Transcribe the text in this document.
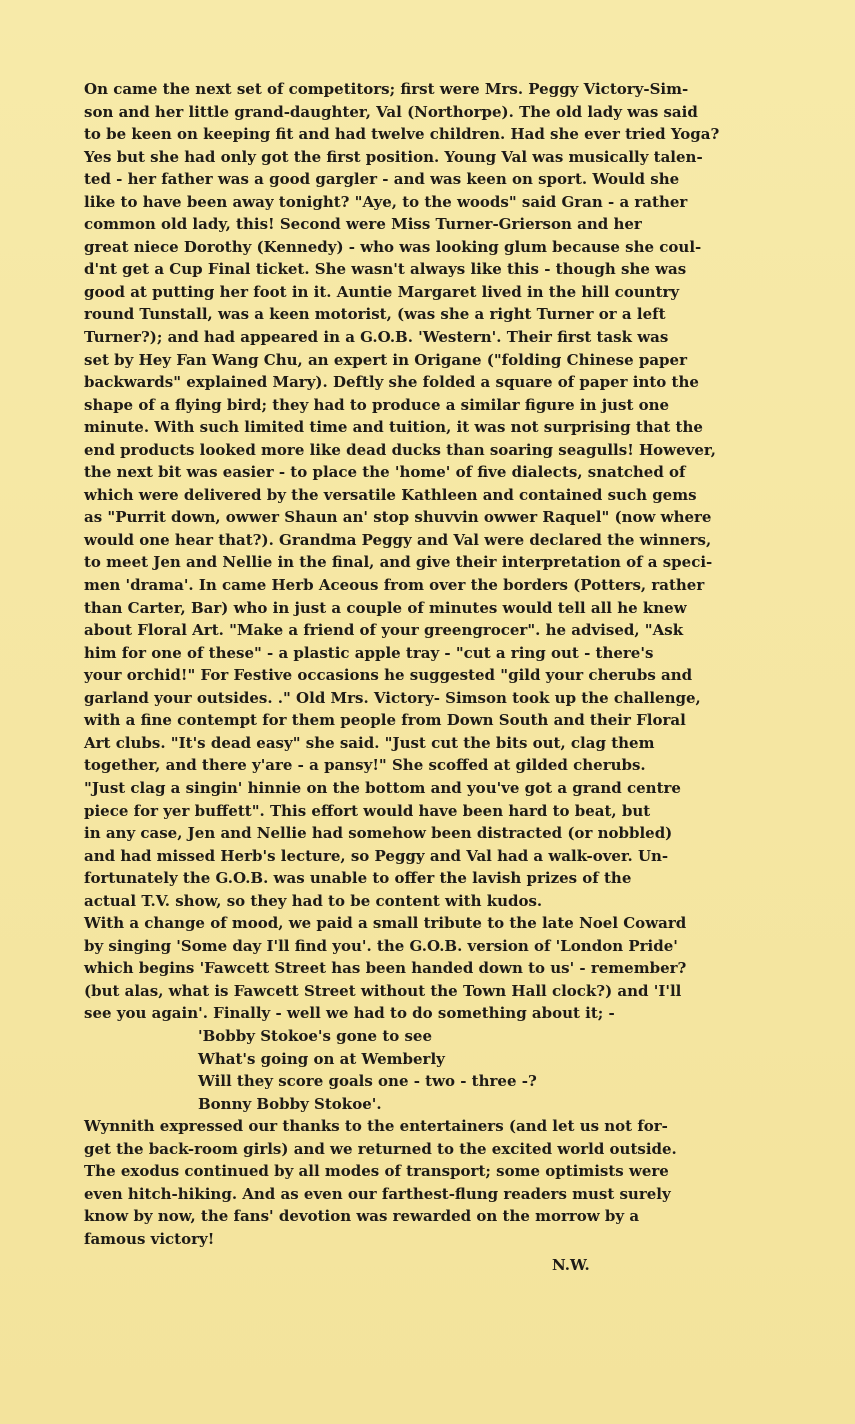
On came the next set of competitors; first were Mrs. Peggy Victory-Sim-
son and her little grand-daughter, Val (Northorpe). The old lady was said
to be keen on keeping fit and had twelve children. Had she ever tried Yoga?
Yes but she had only got the first position. Young Val was musically talen-
ted - her father was a good gargler - and was keen on sport. Would she
like to have been away tonight? "Aye, to the woods" said Gran - a rather
common old lady, this! Second were Miss Turner-Grierson and her
great niece Dorothy (Kennedy) - who was looking glum because she coul-
d'nt get a Cup Final ticket. She wasn't always like this - though she was
good at putting her foot in it. Auntie Margaret lived in the hill country
round Tunstall, was a keen motorist, (was she a right Turner or a left
Turner?); and had appeared in a G.O.B. 'Western'. Their first task was
set by Hey Fan Wang Chu, an expert in Origane ("folding Chinese paper
backwards" explained Mary). Deftly she folded a square of paper into the
shape of a flying bird; they had to produce a similar figure in just one
minute. With such limited time and tuition, it was not surprising that the
end products looked more like dead ducks than soaring seagulls! However,
the next bit was easier - to place the 'home' of five dialects, snatched of
which were delivered by the versatile Kathleen and contained such gems
as "Purrit down, owwer Shaun an' stop shuvvin owwer Raquel" (now where
would one hear that?). Grandma Peggy and Val were declared the winners,
to meet Jen and Nellie in the final, and give their interpretation of a speci-
men 'drama'. In came Herb Aceous from over the borders (Potters, rather
than Carter, Bar) who in just a couple of minutes would tell all he knew
about Floral Art. "Make a friend of your greengrocer". he advised, "Ask
him for one of these" - a plastic apple tray - "cut a ring out - there's
your orchid!" For Festive occasions he suggested "gild your cherubs and
garland your outsides. ." Old Mrs. Victory- Simson took up the challenge,
with a fine contempt for them people from Down South and their Floral
Art clubs. "It's dead easy" she said. "Just cut the bits out, clag them
together, and there y'are - a pansy!" She scoffed at gilded cherubs.
"Just clag a singin' hinnie on the bottom and you've got a grand centre
piece for yer buffett". This effort would have been hard to beat, but
in any case, Jen and Nellie had somehow been distracted (or nobbled)
and had missed Herb's lecture, so Peggy and Val had a walk-over. Un-
fortunately the G.O.B. was unable to offer the lavish prizes of the
actual T.V. show, so they had to be content with kudos.
With a change of mood, we paid a small tribute to the late Noel Coward
by singing 'Some day I'll find you'. the G.O.B. version of 'London Pride'
which begins 'Fawcett Street has been handed down to us' - remember?
(but alas, what is Fawcett Street without the Town Hall clock?) and 'I'll
see you again'. Finally - well we had to do something about it; -
'Bobby Stokoe's gone to see
What's going on at Wemberly
Will they score goals one - two - three -?
Bonny Bobby Stokoe'.
Wynnith expressed our thanks to the entertainers (and let us not for-
get the back-room girls) and we returned to the excited world outside.
The exodus continued by all modes of transport; some optimists were
even hitch-hiking. And as even our farthest-flung readers must surely
know by now, the fans' devotion was rewarded on the morrow by a
famous victory!
N.W.
